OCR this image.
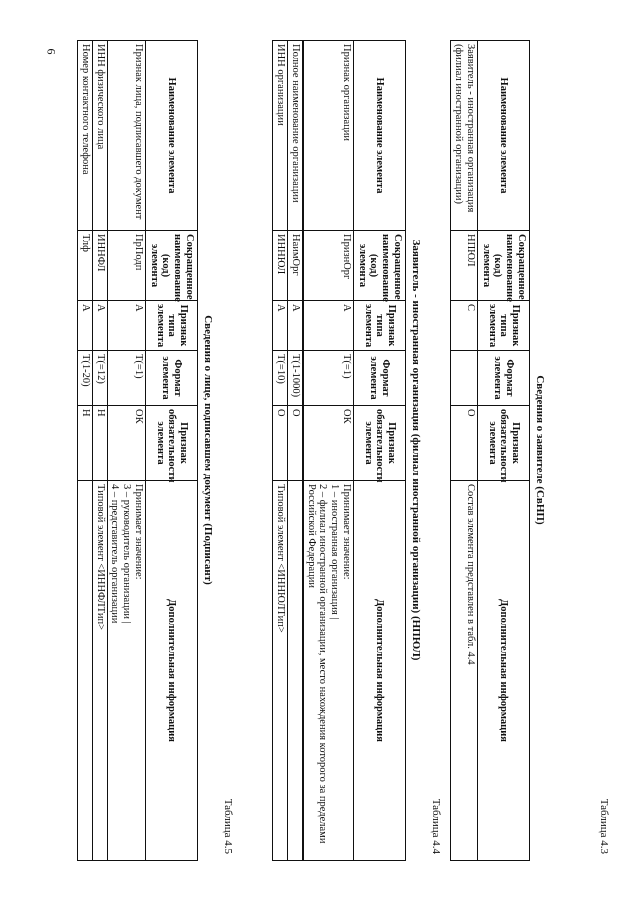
6
Таблица 4.3
Сведения о заявителе (СвНП)
Наименование элемента	Сокращенное наименование (код) элемента	Признак типа элемента	Формат элемента	Признак обязательности элемента	Дополнительная информация
Заявитель - иностранная организация (филиал иностранной организации)	НПЮЛ	С		О	Состав элемента представлен в табл. 4.4
Таблица 4.4
Заявитель - иностранная организация (филиал иностранной организации) (НПЮЛ)
Наименование элемента	Сокращенное наименование (код) элемента	Признак типа элемента	Формат элемента	Признак обязательности элемента	Дополнительная информация
Признак организации	ПризнОрг	А	T(=1)	ОК	Принимает значение:
1 – иностранная организация |
2 – филиал иностранной организации, место нахождения которого за пределами Российской Федерации

Полное наименование организации	НаимОрг	А	T(1-1000)	О	
ИНН организации	ИННЮЛ	А	T(=10)	О	Типовой элемент <ИННЮЛТип>
Таблица 4.5
Сведения о лице, подписавшем документ (Подписант)
Наименование элемента	Сокращенное наименование (код) элемента	Признак типа элемента	Формат элемента	Признак обязательности элемента	Дополнительная информация
Признак лица, подписавшего документ	ПрПодп	А	T(=1)	ОК	Принимает значение:
3 – руководитель организации |
4 – представитель организации

ИНН физического лица	ИННФЛ	А	T(=12)	Н	Типовой элемент <ИННФЛТип>
Номер контактного телефона	Тлф	А	T(1-20)	Н	
